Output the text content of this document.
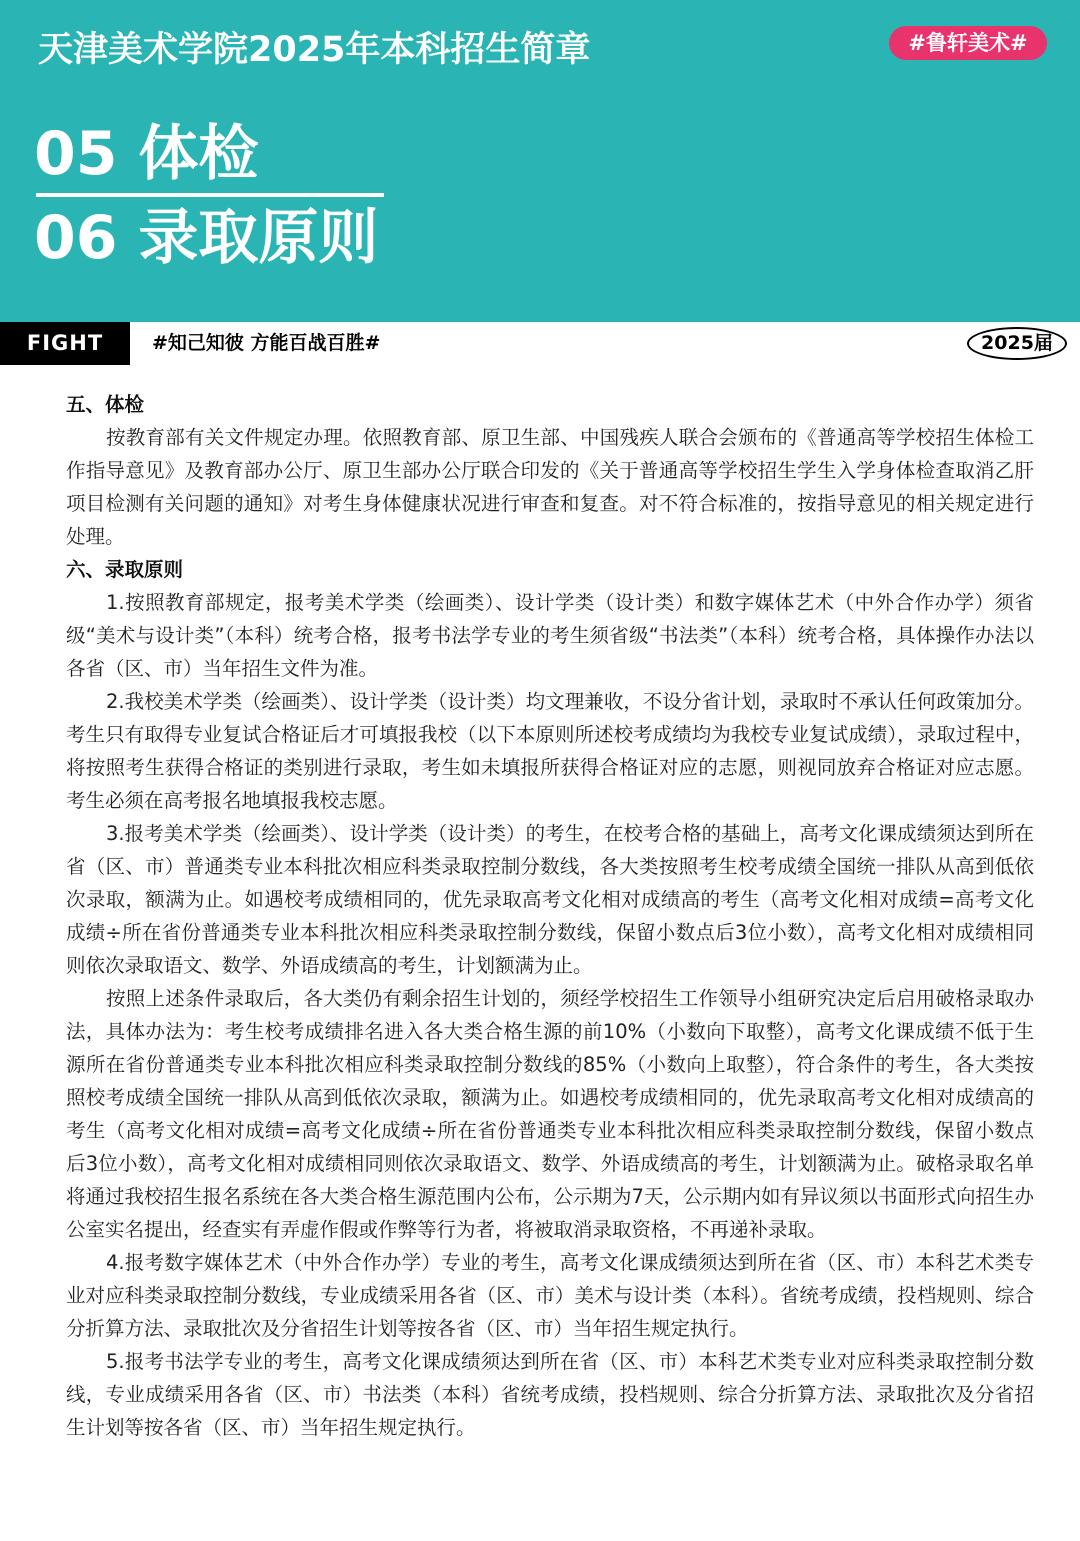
天津美术学院2025年本科招生简章	#鲁轩美术#
05 体检
06 录取原则
FIGHT	#知己知彼 方能百战百胜#	2025届
五、体检

按教育部有关文件规定办理。依照教育部、原卫生部、中国残疾人联合会颁布的《普通高等学校招生体检工作指导意见》及教育部办公厅、原卫生部办公厅联合印发的《关于普通高等学校招生学生入学身体检查取消乙肝项目检测有关问题的通知》对考生身体健康状况进行审查和复查。对不符合标准的，按指导意见的相关规定进行处理。

六、录取原则

1.按照教育部规定，报考美术学类（绘画类）、设计学类（设计类）和数字媒体艺术（中外合作办学）须省级“美术与设计类”（本科）统考合格，报考书法学专业的考生须省级“书法类”（本科）统考合格，具体操作办法以各省（区、市）当年招生文件为准。

2.我校美术学类（绘画类）、设计学类（设计类）均文理兼收，不设分省计划，录取时不承认任何政策加分。考生只有取得专业复试合格证后才可填报我校（以下本原则所述校考成绩均为我校专业复试成绩），录取过程中，将按照考生获得合格证的类别进行录取，考生如未填报所获得合格证对应的志愿，则视同放弃合格证对应志愿。考生必须在高考报名地填报我校志愿。

3.报考美术学类（绘画类）、设计学类（设计类）的考生，在校考合格的基础上，高考文化课成绩须达到所在省（区、市）普通类专业本科批次相应科类录取控制分数线，各大类按照考生校考成绩全国统一排队从高到低依次录取，额满为止。如遇校考成绩相同的，优先录取高考文化相对成绩高的考生（高考文化相对成绩=高考文化成绩÷所在省份普通类专业本科批次相应科类录取控制分数线，保留小数点后3位小数），高考文化相对成绩相同则依次录取语文、数学、外语成绩高的考生，计划额满为止。

按照上述条件录取后，各大类仍有剩余招生计划的，须经学校招生工作领导小组研究决定后启用破格录取办法，具体办法为：考生校考成绩排名进入各大类合格生源的前10%（小数向下取整），高考文化课成绩不低于生源所在省份普通类专业本科批次相应科类录取控制分数线的85%（小数向上取整），符合条件的考生，各大类按照校考成绩全国统一排队从高到低依次录取，额满为止。如遇校考成绩相同的，优先录取高考文化相对成绩高的考生（高考文化相对成绩=高考文化成绩÷所在省份普通类专业本科批次相应科类录取控制分数线，保留小数点后3位小数），高考文化相对成绩相同则依次录取语文、数学、外语成绩高的考生，计划额满为止。破格录取名单将通过我校招生报名系统在各大类合格生源范围内公布，公示期为7天，公示期内如有异议须以书面形式向招生办公室实名提出，经查实有弄虚作假或作弊等行为者，将被取消录取资格，不再递补录取。

4.报考数字媒体艺术（中外合作办学）专业的考生，高考文化课成绩须达到所在省（区、市）本科艺术类专业对应科类录取控制分数线，专业成绩采用各省（区、市）美术与设计类（本科）。省统考成绩，投档规则、综合分折算方法、录取批次及分省招生计划等按各省（区、市）当年招生规定执行。

5.报考书法学专业的考生，高考文化课成绩须达到所在省（区、市）本科艺术类专业对应科类录取控制分数线，专业成绩采用各省（区、市）书法类（本科）省统考成绩，投档规则、综合分折算方法、录取批次及分省招生计划等按各省（区、市）当年招生规定执行。
